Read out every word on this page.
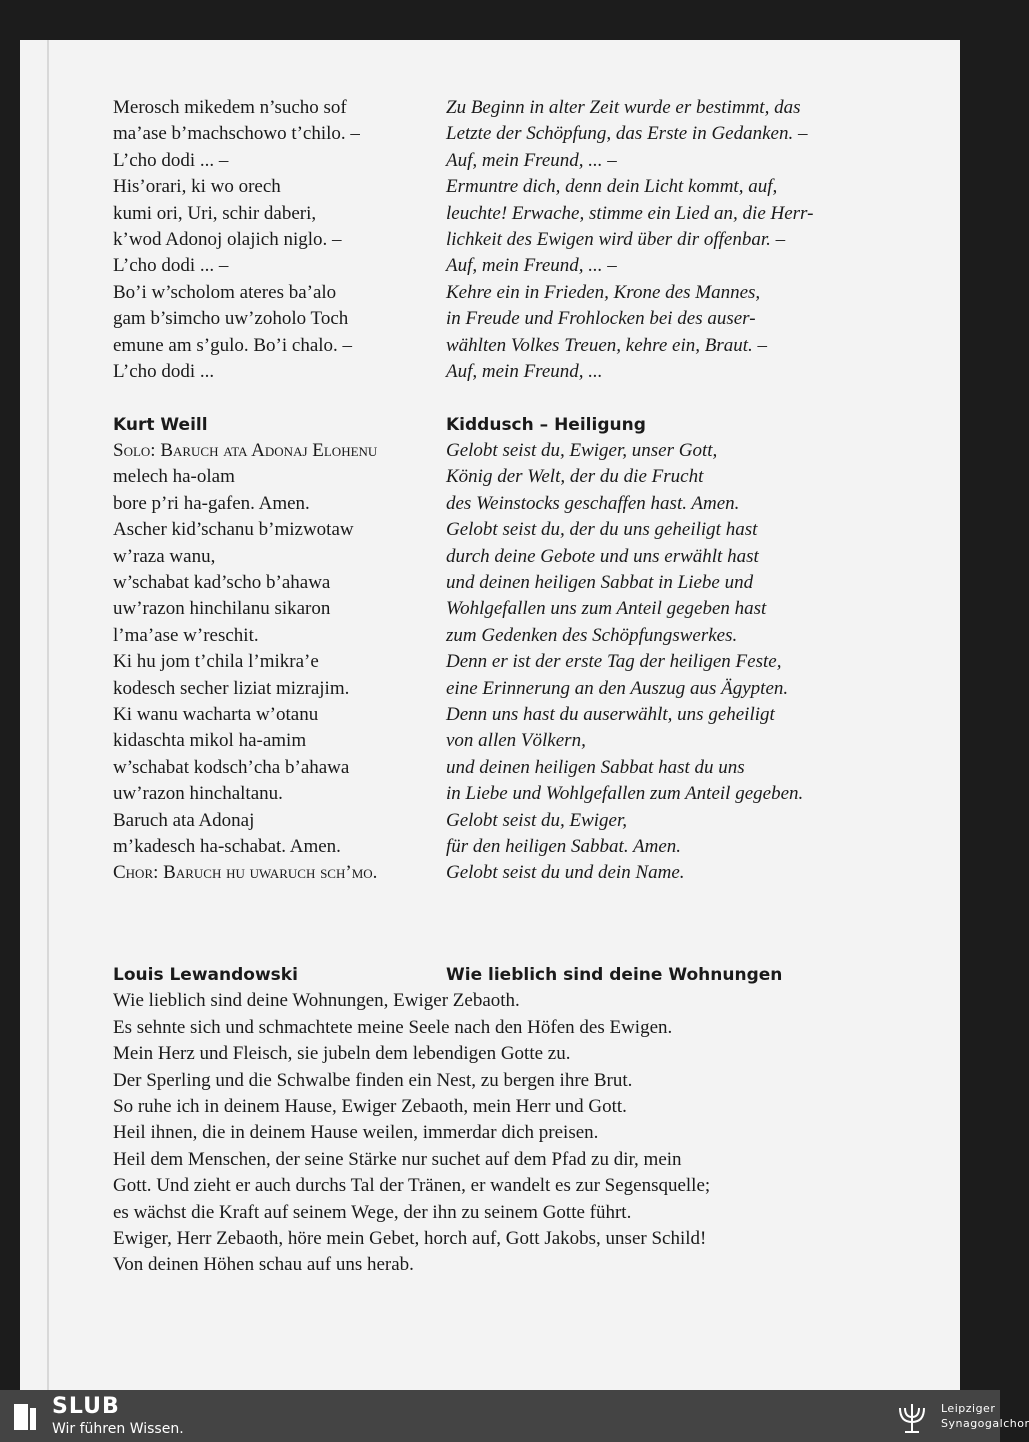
Merosch mikedem n’sucho sof
ma’ase b’machschowo t’chilo. –
L’cho dodi ... –
His’orari, ki wo orech
kumi ori, Uri, schir daberi,
k’wod Adonoj olajich niglo. –
L’cho dodi ... –
Bo’i w’scholom ateres ba’alo
gam b’simcho uw’zoholo Toch
emune am s’gulo. Bo’i chalo. –
L’cho dodi ...
Kurt Weill
Solo: Baruch ata Adonaj Elohenu
melech ha-olam
bore p’ri ha-gafen. Amen.
Ascher kid’schanu b’mizwotaw
w’raza wanu,
w’schabat kad’scho b’ahawa
uw’razon hinchilanu sikaron
l’ma’ase w’reschit.
Ki hu jom t’chila l’mikra’e
kodesch secher liziat mizrajim.
Ki wanu wacharta w’otanu
kidaschta mikol ha-amim
w’schabat kodsch’cha b’ahawa
uw’razon hinchaltanu.
Baruch ata Adonaj
m’kadesch ha-schabat. Amen.
Chor: Baruch hu uwaruch sch’mo.
Zu Beginn in alter Zeit wurde er bestimmt, das
Letzte der Schöpfung, das Erste in Gedanken. –
Auf, mein Freund, ... –
Ermuntre dich, denn dein Licht kommt, auf,
leuchte! Erwache, stimme ein Lied an, die Herr-
lichkeit des Ewigen wird über dir offenbar. –
Auf, mein Freund, ... –
Kehre ein in Frieden, Krone des Mannes,
in Freude und Frohlocken bei des auser-
wählten Volkes Treuen, kehre ein, Braut. –
Auf, mein Freund, ...
Kiddusch – Heiligung
Gelobt seist du, Ewiger, unser Gott,
König der Welt, der du die Frucht
des Weinstocks geschaffen hast. Amen.
Gelobt seist du, der du uns geheiligt hast
durch deine Gebote und uns erwählt hast
und deinen heiligen Sabbat in Liebe und
Wohlgefallen uns zum Anteil gegeben hast
zum Gedenken des Schöpfungswerkes.
Denn er ist der erste Tag der heiligen Feste,
eine Erinnerung an den Auszug aus Ägypten.
Denn uns hast du auserwählt, uns geheiligt
von allen Völkern,
und deinen heiligen Sabbat hast du uns
in Liebe und Wohlgefallen zum Anteil gegeben.
Gelobt seist du, Ewiger,
für den heiligen Sabbat. Amen.
Gelobt seist du und dein Name.
Louis Lewandowski	Wie lieblich sind deine Wohnungen
Wie lieblich sind deine Wohnungen, Ewiger Zebaoth.
Es sehnte sich und schmachtete meine Seele nach den Höfen des Ewigen.
Mein Herz und Fleisch, sie jubeln dem lebendigen Gotte zu.
Der Sperling und die Schwalbe finden ein Nest, zu bergen ihre Brut.
So ruhe ich in deinem Hause, Ewiger Zebaoth, mein Herr und Gott.
Heil ihnen, die in deinem Hause weilen, immerdar dich preisen.
Heil dem Menschen, der seine Stärke nur suchet auf dem Pfad zu dir, mein
Gott. Und zieht er auch durchs Tal der Tränen, er wandelt es zur Segensquelle;
es wächst die Kraft auf seinem Wege, der ihn zu seinem Gotte führt.
Ewiger, Herr Zebaoth, höre mein Gebet, horch auf, Gott Jakobs, unser Schild!
Von deinen Höhen schau auf uns herab.
SLUB
Wir führen Wissen.
Leipziger
Synagogalchor
